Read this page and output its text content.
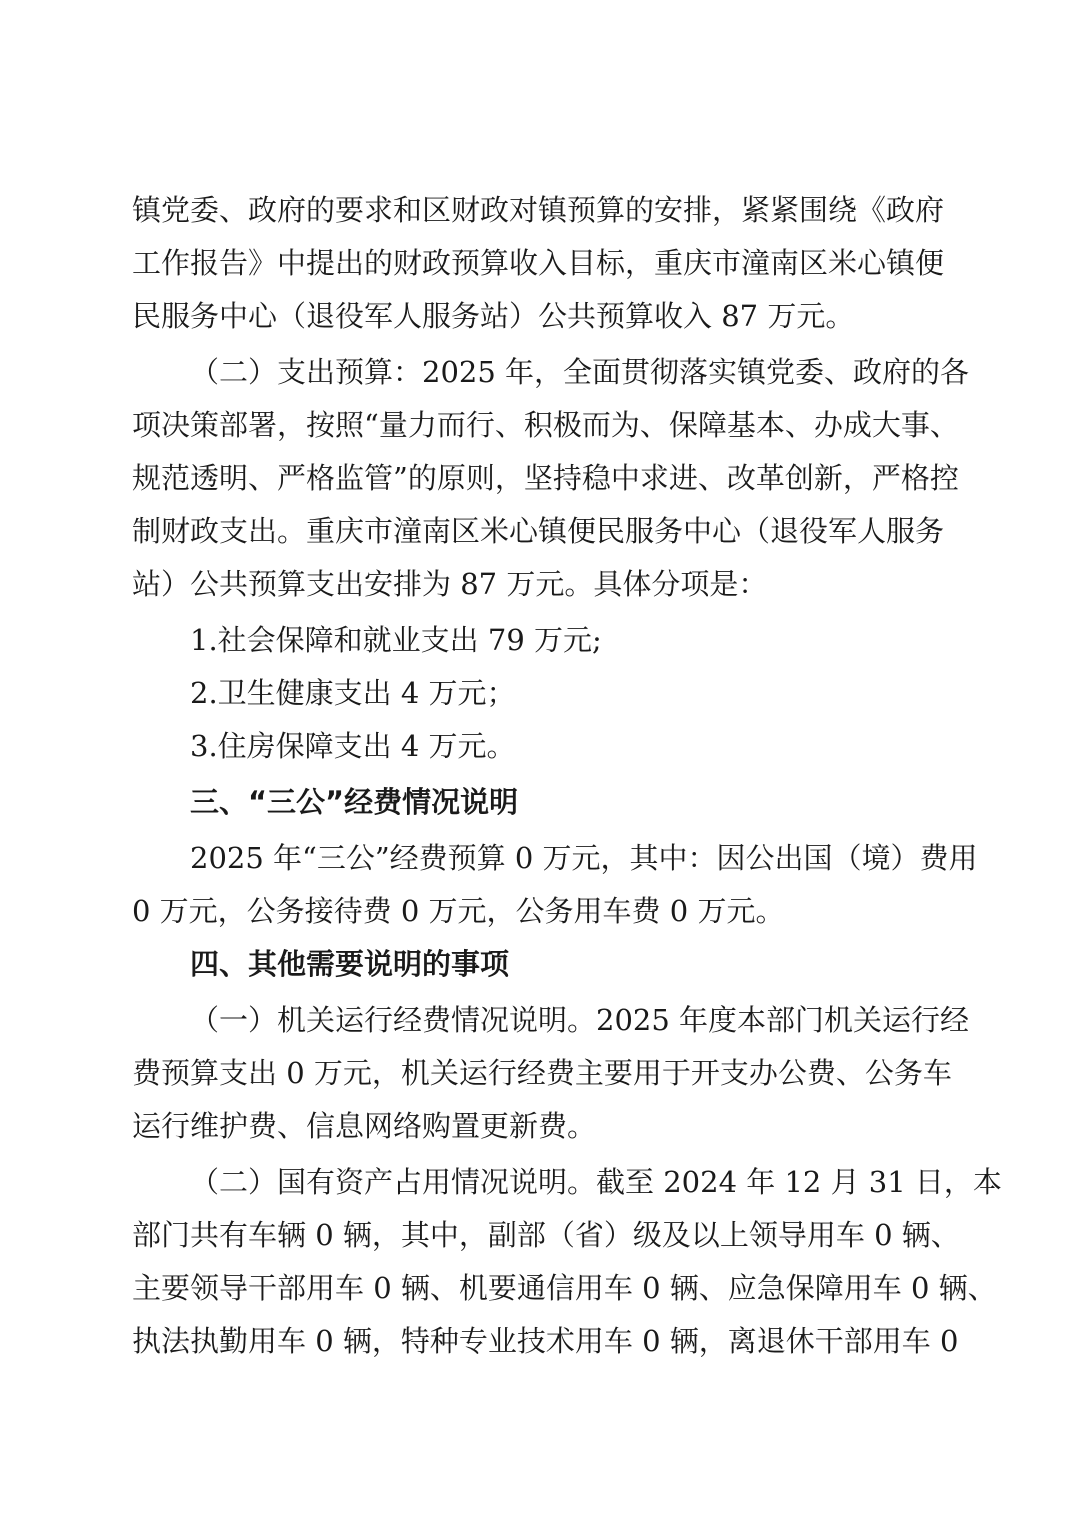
镇党委、政府的要求和区财政对镇预算的安排，紧紧围绕《政府
工作报告》中提出的财政预算收入目标，重庆市潼南区米心镇便
民服务中心（退役军人服务站）公共预算收入 87 万元。
（二）支出预算：2025 年，全面贯彻落实镇党委、政府的各
项决策部署，按照“量力而行、积极而为、保障基本、办成大事、
规范透明、严格监管”的原则，坚持稳中求进、改革创新，严格控
制财政支出。重庆市潼南区米心镇便民服务中心（退役军人服务
站）公共预算支出安排为 87 万元。具体分项是：
1.社会保障和就业支出 79 万元;
2.卫生健康支出 4 万元；
3.住房保障支出 4 万元。
三、“三公”经费情况说明
2025 年“三公”经费预算 0 万元，其中：因公出国（境）费用
0 万元，公务接待费 0 万元，公务用车费 0 万元。
四、其他需要说明的事项
（一）机关运行经费情况说明。2025 年度本部门机关运行经
费预算支出 0 万元，机关运行经费主要用于开支办公费、公务车
运行维护费、信息网络购置更新费。
（二）国有资产占用情况说明。截至 2024 年 12 月 31 日，本
部门共有车辆 0 辆，其中，副部（省）级及以上领导用车 0 辆、
主要领导干部用车 0 辆、机要通信用车 0 辆、应急保障用车 0 辆、
执法执勤用车 0 辆，特种专业技术用车 0 辆，离退休干部用车 0
